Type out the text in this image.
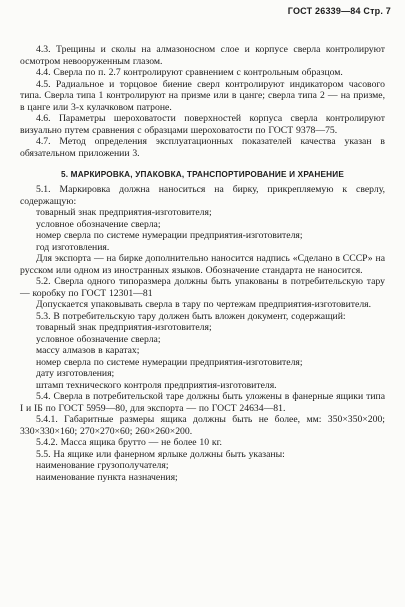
ГОСТ 26339—84 Стр. 7

4.3. Трещины и сколы на алмазоносном слое и корпусе сверла контролируют осмотром невооруженным глазом.

4.4. Сверла по п. 2.7 контролируют сравнением с контрольным образцом.

4.5. Радиальное и торцовое биение сверл контролируют индикатором часового типа. Сверла типа 1 контролируют на призме или в цанге; сверла типа 2 — на призме, в цанге или 3-х кулачковом патроне.

4.6. Параметры шероховатости поверхностей корпуса сверла контролируют визуально путем сравнения с образцами шероховатости по ГОСТ 9378—75.

4.7. Метод определения эксплуатационных показателей качества указан в обязательном приложении 3.

5. МАРКИРОВКА, УПАКОВКА, ТРАНСПОРТИРОВАНИЕ И ХРАНЕНИЕ

5.1. Маркировка должна наноситься на бирку, прикрепляемую к сверлу, содержащую:

товарный знак предприятия-изготовителя;

условное обозначение сверла;

номер сверла по системе нумерации предприятия-изготовителя;

год изготовления.

Для экспорта — на бирке дополнительно наносится надпись «Сделано в СССР» на русском или одном из иностранных языков. Обозначение стандарта не наносится.

5.2. Сверла одного типоразмера должны быть упакованы в потребительскую тару — коробку по ГОСТ 12301—81

Допускается упаковывать сверла в тару по чертежам предприятия-изготовителя.

5.3. В потребительскую тару должен быть вложен документ, содержащий:

товарный знак предприятия-изготовителя;

условное обозначение сверла;

массу алмазов в каратах;

номер сверла по системе нумерации предприятия-изготовителя;

дату изготовления;

штамп технического контроля предприятия-изготовителя.

5.4. Сверла в потребительской таре должны быть уложены в фанерные ящики типа I и IБ по ГОСТ 5959—80, для экспорта — по ГОСТ 24634—81.

5.4.1. Габаритные размеры ящика должны быть не более, мм: 350×350×200; 330×330×160; 270×270×60; 260×260×200.

5.4.2. Масса ящика брутто — не более 10 кг.

5.5. На ящике или фанерном ярлыке должны быть указаны:

наименование грузополучателя;

наименование пункта назначения;
